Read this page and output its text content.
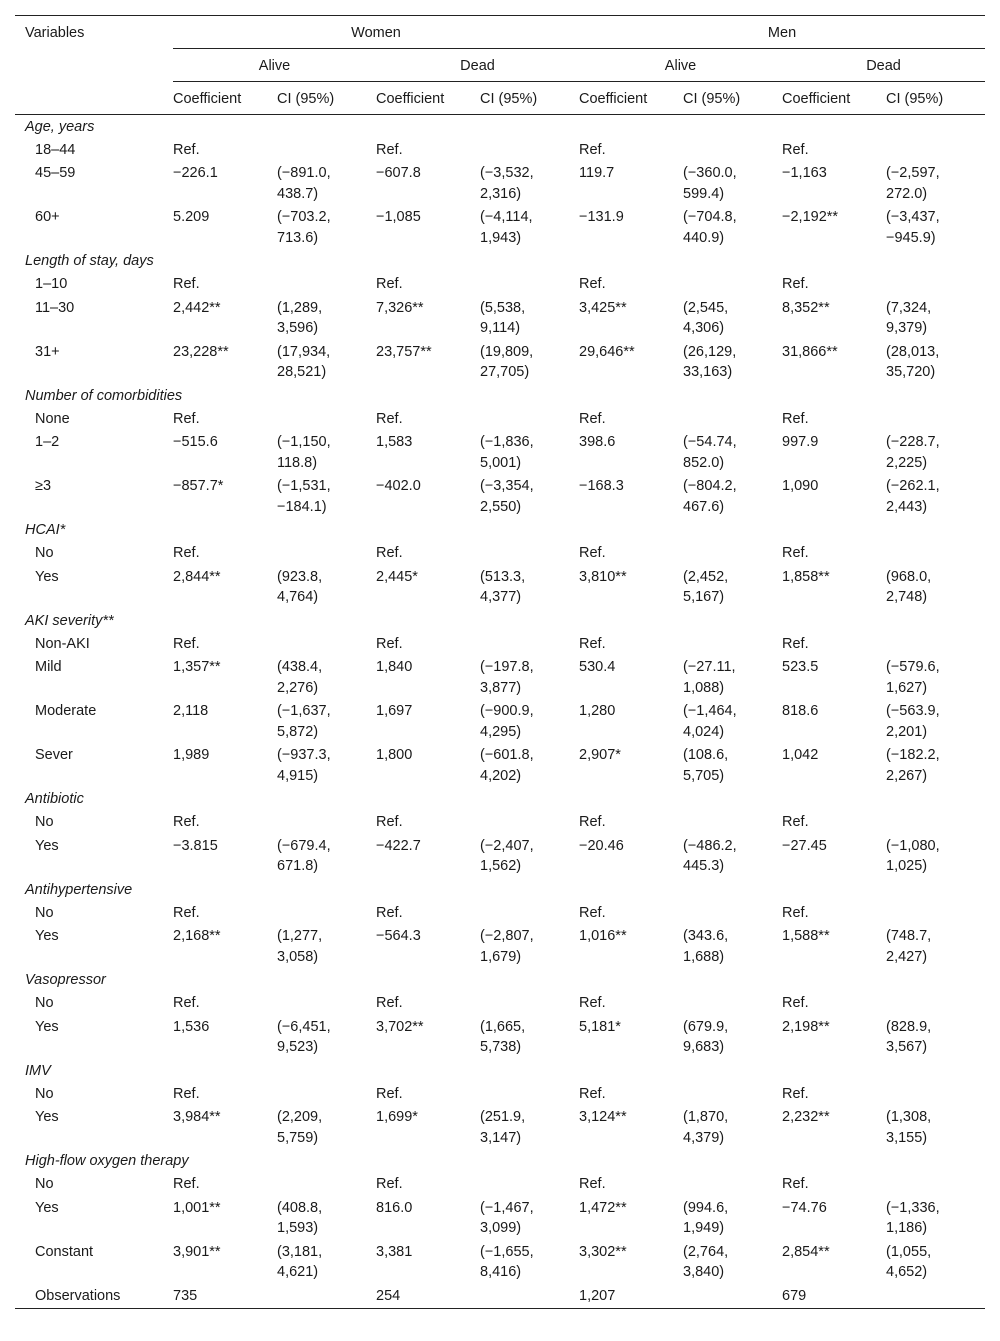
Variables	Women				Men			
	Alive		Dead		Alive		Dead	
	Coefficient	CI (95%)	Coefficient	CI (95%)	Coefficient	CI (95%)	Coefficient	CI (95%)
Age, years								
18–44	Ref.		Ref.		Ref.		Ref.	
45–59	−226.1	(−891.0, 438.7)	−607.8	(−3,532, 2,316)	119.7	(−360.0, 599.4)	−1,163	(−2,597, 272.0)
60+	5.209	(−703.2, 713.6)	−1,085	(−4,114, 1,943)	−131.9	(−704.8, 440.9)	−2,192**	(−3,437, −945.9)
Length of stay, days								
1–10	Ref.		Ref.		Ref.		Ref.	
11–30	2,442**	(1,289, 3,596)	7,326**	(5,538, 9,114)	3,425**	(2,545, 4,306)	8,352**	(7,324, 9,379)
31+	23,228**	(17,934, 28,521)	23,757**	(19,809, 27,705)	29,646**	(26,129, 33,163)	31,866**	(28,013, 35,720)
Number of comorbidities								
None	Ref.		Ref.		Ref.		Ref.	
1–2	−515.6	(−1,150, 118.8)	1,583	(−1,836, 5,001)	398.6	(−54.74, 852.0)	997.9	(−228.7, 2,225)
≥3	−857.7*	(−1,531, −184.1)	−402.0	(−3,354, 2,550)	−168.3	(−804.2, 467.6)	1,090	(−262.1, 2,443)
HCAI*								
No	Ref.		Ref.		Ref.		Ref.	
Yes	2,844**	(923.8, 4,764)	2,445*	(513.3, 4,377)	3,810**	(2,452, 5,167)	1,858**	(968.0, 2,748)
AKI severity**								
Non-AKI	Ref.		Ref.		Ref.		Ref.	
Mild	1,357**	(438.4, 2,276)	1,840	(−197.8, 3,877)	530.4	(−27.11, 1,088)	523.5	(−579.6, 1,627)
Moderate	2,118	(−1,637, 5,872)	1,697	(−900.9, 4,295)	1,280	(−1,464, 4,024)	818.6	(−563.9, 2,201)
Sever	1,989	(−937.3, 4,915)	1,800	(−601.8, 4,202)	2,907*	(108.6, 5,705)	1,042	(−182.2, 2,267)
Antibiotic								
No	Ref.		Ref.		Ref.		Ref.	
Yes	−3.815	(−679.4, 671.8)	−422.7	(−2,407, 1,562)	−20.46	(−486.2, 445.3)	−27.45	(−1,080, 1,025)
Antihypertensive								
No	Ref.		Ref.		Ref.		Ref.	
Yes	2,168**	(1,277, 3,058)	−564.3	(−2,807, 1,679)	1,016**	(343.6, 1,688)	1,588**	(748.7, 2,427)
Vasopressor								
No	Ref.		Ref.		Ref.		Ref.	
Yes	1,536	(−6,451, 9,523)	3,702**	(1,665, 5,738)	5,181*	(679.9, 9,683)	2,198**	(828.9, 3,567)
IMV								
No	Ref.		Ref.		Ref.		Ref.	
Yes	3,984**	(2,209, 5,759)	1,699*	(251.9, 3,147)	3,124**	(1,870, 4,379)	2,232**	(1,308, 3,155)
High-flow oxygen therapy								
No	Ref.		Ref.		Ref.		Ref.	
Yes	1,001**	(408.8, 1,593)	816.0	(−1,467, 3,099)	1,472**	(994.6, 1,949)	−74.76	(−1,336, 1,186)
Constant	3,901**	(3,181, 4,621)	3,381	(−1,655, 8,416)	3,302**	(2,764, 3,840)	2,854**	(1,055, 4,652)
Observations	735		254		1,207		679	
